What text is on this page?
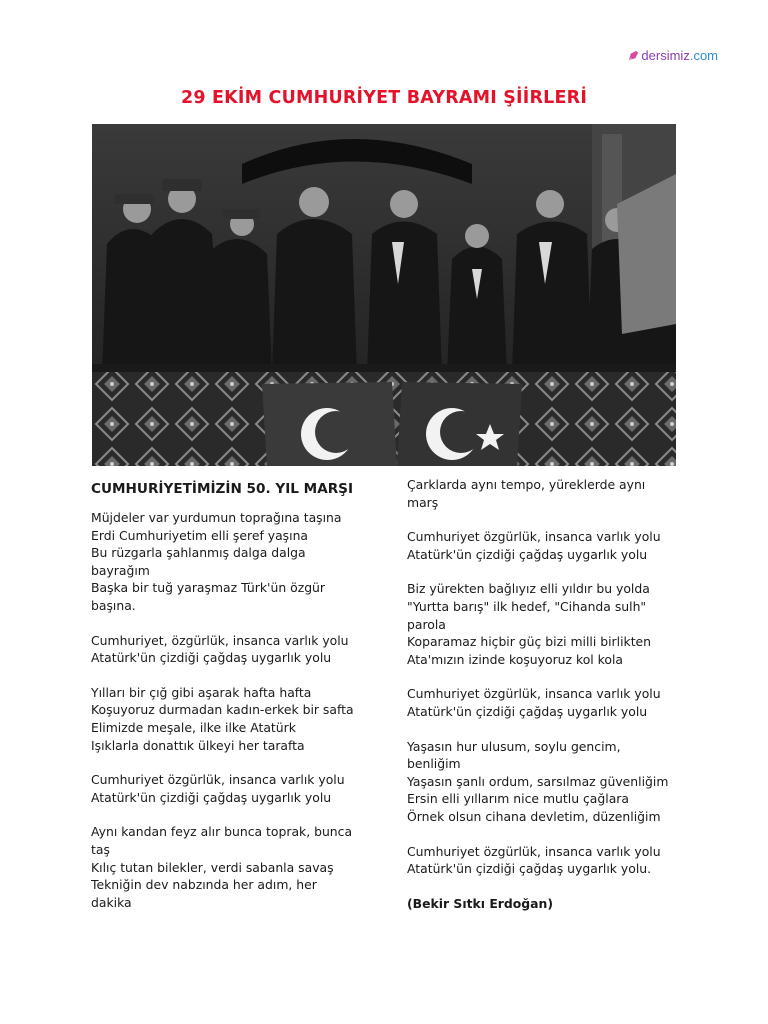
dersimiz .com
29 EKİM CUMHURİYET BAYRAMI ŞİİRLERİ
CUMHURİYETİMİZİN 50. YIL MARŞI

Müjdeler var yurdumun toprağına taşına

Erdi Cumhuriyetim elli şeref yaşına

Bu rüzgarla şahlanmış dalga dalga

bayrağım

Başka bir tuğ yaraşmaz Türk'ün özgür

başına.

Cumhuriyet, özgürlük, insanca varlık yolu

Atatürk'ün çizdiği çağdaş uygarlık yolu

Yılları bir çığ gibi aşarak hafta hafta

Koşuyoruz durmadan kadın-erkek bir safta

Elimizde meşale, ilke ilke Atatürk

Işıklarla donattık ülkeyi her tarafta

Cumhuriyet özgürlük, insanca varlık yolu

Atatürk'ün çizdiği çağdaş uygarlık yolu

Aynı kandan feyz alır bunca toprak, bunca

taş

Kılıç tutan bilekler, verdi sabanla savaş

Tekniğin dev nabzında her adım, her

dakika

Çarklarda aynı tempo, yüreklerde aynı

marş

Cumhuriyet özgürlük, insanca varlık yolu

Atatürk'ün çizdiği çağdaş uygarlık yolu

Biz yürekten bağlıyız elli yıldır bu yolda

"Yurtta barış" ilk hedef, "Cihanda sulh"

parola

Koparamaz hiçbir güç bizi milli birlikten

Ata'mızın izinde koşuyoruz kol kola

Cumhuriyet özgürlük, insanca varlık yolu

Atatürk'ün çizdiği çağdaş uygarlık yolu

Yaşasın hur ulusum, soylu gencim,

benliğim

Yaşasın şanlı ordum, sarsılmaz güvenliğim

Ersin elli yıllarım nice mutlu çağlara

Örnek olsun cihana devletim, düzenliğim

Cumhuriyet özgürlük, insanca varlık yolu

Atatürk'ün çizdiği çağdaş uygarlık yolu.

(Bekir Sıtkı Erdoğan)
